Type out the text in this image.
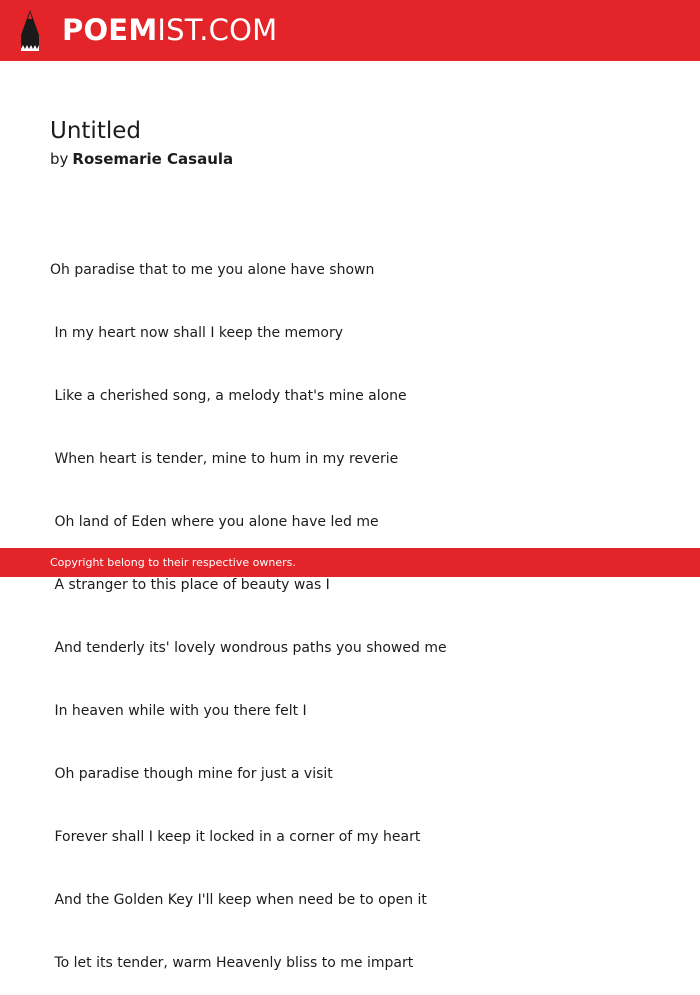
POEMIST.COM
Untitled
by Rosemarie Casaula

Oh paradise that to me you alone have shown

In my heart now shall I keep the memory

Like a cherished song, a melody that's mine alone

When heart is tender, mine to hum in my reverie

Oh land of Eden where you alone have led me

A stranger to this place of beauty was I

And tenderly its' lovely wondrous paths you showed me

In heaven while with you there felt I

Oh paradise though mine for just a visit

Forever shall I keep it locked in a corner of my heart

And the Golden Key I'll keep when need be to open it

To let its tender, warm Heavenly bliss to me impart

Copyright belong to their respective owners.
